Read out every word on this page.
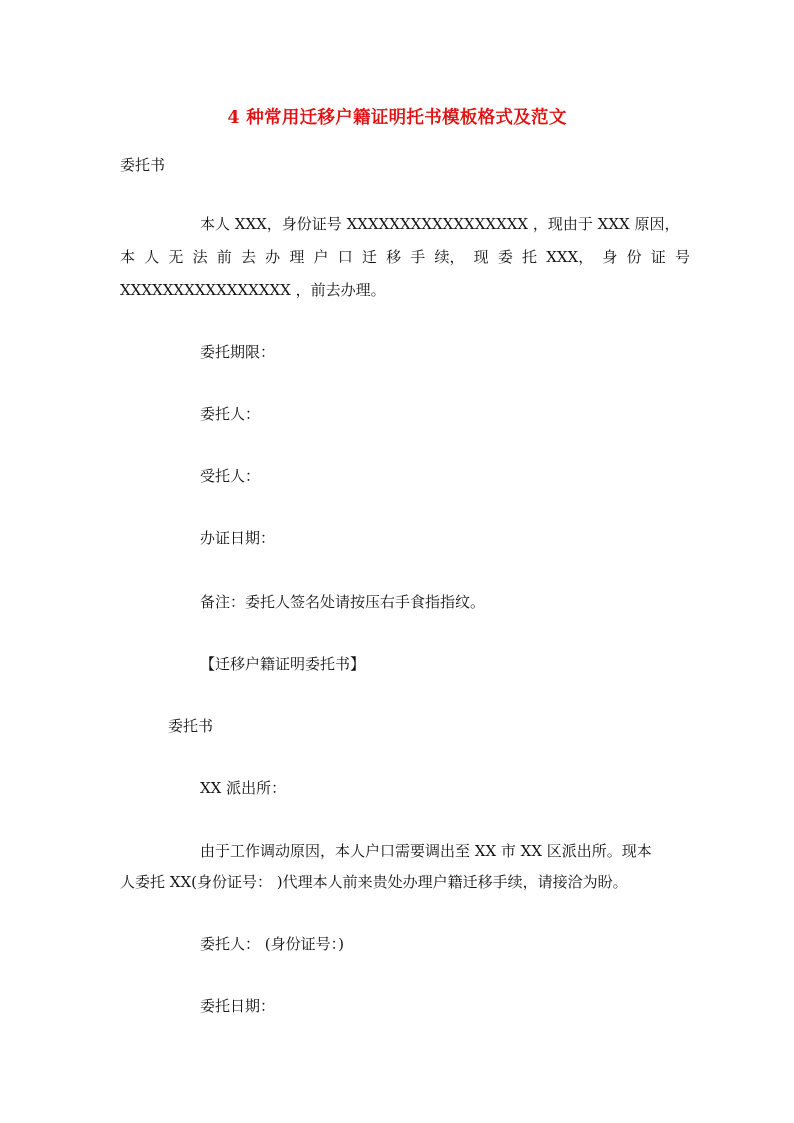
4 种常用迁移户籍证明托书模板格式及范文
委托书
本人 XXX，身份证号 XXXXXXXXXXXXXXXXX ，现由于 XXX 原因，
本 人 无 法 前 去 办 理 户 口 迁 移 手 续， 现 委 托 XXX， 身 份 证 号
XXXXXXXXXXXXXXXX ，前去办理。
委托期限：
委托人：
受托人：
办证日期：
备注：委托人签名处请按压右手食指指纹。
【迁移户籍证明委托书】
委托书
XX 派出所：
由于工作调动原因，本人户口需要调出至 XX 市 XX 区派出所。现本
人委托 XX(身份证号： )代理本人前来贵处办理户籍迁移手续，请接洽为盼。
委托人： (身份证号：)
委托日期：
